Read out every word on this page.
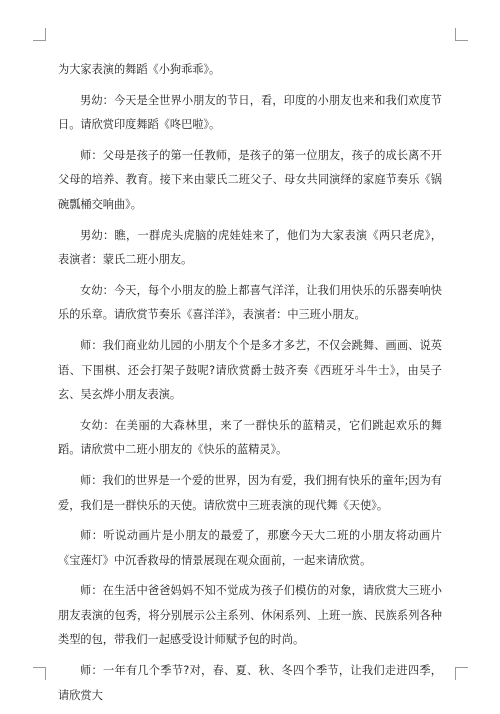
为大家表演的舞蹈《小狗乖乖》。

男幼：今天是全世界小朋友的节日，看，印度的小朋友也来和我们欢度节日。请欣赏印度舞蹈《咚巴啦》。

师：父母是孩子的第一任教师，是孩子的第一位朋友，孩子的成长离不开父母的培养、教育。接下来由蒙氏二班父子、母女共同演绎的家庭节奏乐《锅碗瓢桶交响曲》。

男幼：瞧，一群虎头虎脑的虎娃娃来了，他们为大家表演《两只老虎》，表演者：蒙氏二班小朋友。

女幼：今天，每个小朋友的脸上都喜气洋洋，让我们用快乐的乐器奏响快乐的乐章。请欣赏节奏乐《喜洋洋》，表演者：中三班小朋友。

师：我们商业幼儿园的小朋友个个是多才多艺，不仅会跳舞、画画、说英语、下围棋、还会打架子鼓呢?请欣赏爵士鼓齐奏《西班牙斗牛士》，由吴子玄、吴玄烨小朋友表演。

女幼：在美丽的大森林里，来了一群快乐的蓝精灵，它们跳起欢乐的舞蹈。请欣赏中二班小朋友的《快乐的蓝精灵》。

师：我们的世界是一个爱的世界，因为有爱，我们拥有快乐的童年;因为有爱，我们是一群快乐的天使。请欣赏中三班表演的现代舞《天使》。

师：听说动画片是小朋友的最爱了，那麽今天大二班的小朋友将动画片《宝莲灯》中沉香救母的情景展现在观众面前，一起来请欣赏。

师：在生活中爸爸妈妈不知不觉成为孩子们模仿的对象，请欣赏大三班小朋友表演的包秀，将分别展示公主系列、休闲系列、上班一族、民族系列各种类型的包，带我们一起感受设计师赋予包的时尚。

师：一年有几个季节?对，春、夏、秋、冬四个季节，让我们走进四季，请欣赏大
